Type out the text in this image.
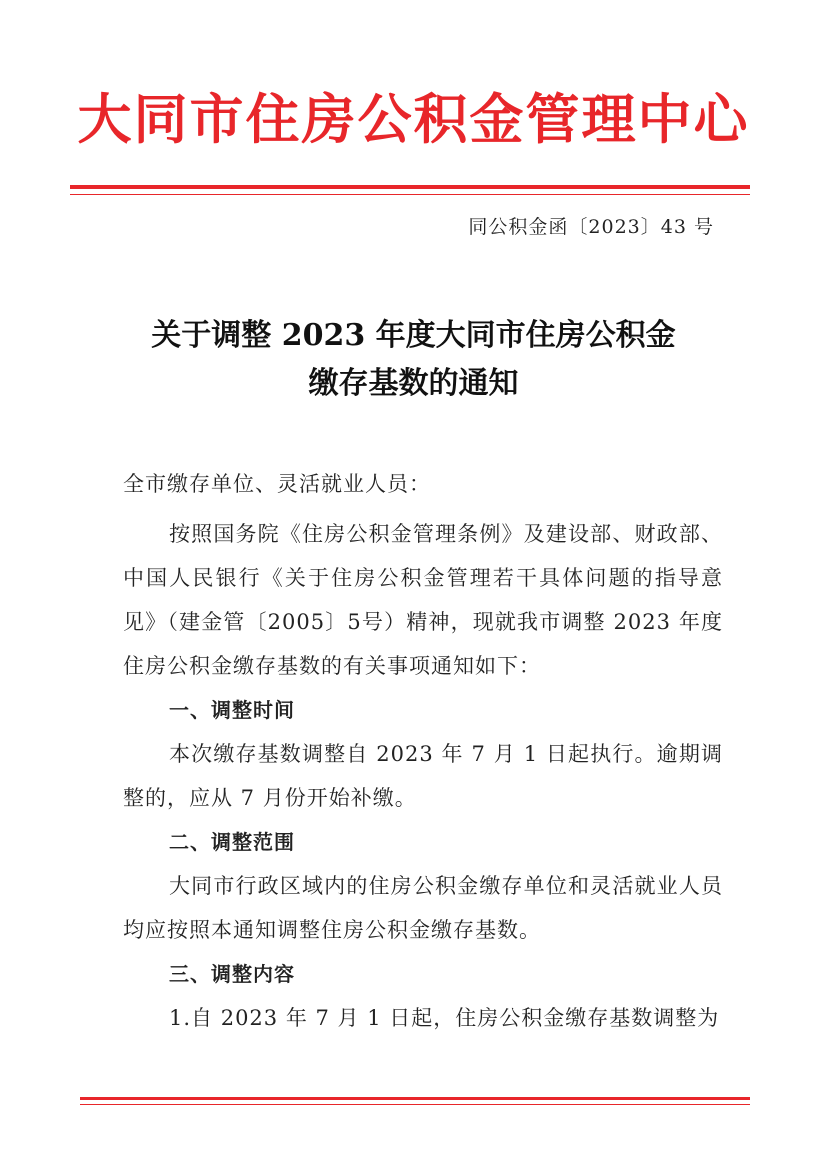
大同市住房公积金管理中心
同公积金函〔2023〕43 号
关于调整 2023 年度大同市住房公积金
缴存基数的通知

全市缴存单位、灵活就业人员：

按照国务院《住房公积金管理条例》及建设部、财政部、中国人民银行《关于住房公积金管理若干具体问题的指导意见》（建金管〔2005〕5号）精神，现就我市调整 2023 年度住房公积金缴存基数的有关事项通知如下：

一、调整时间

本次缴存基数调整自 2023 年 7 月 1 日起执行。逾期调整的，应从 7 月份开始补缴。

二、调整范围

大同市行政区域内的住房公积金缴存单位和灵活就业人员均应按照本通知调整住房公积金缴存基数。

三、调整内容

1.自 2023 年 7 月 1 日起，住房公积金缴存基数调整为
